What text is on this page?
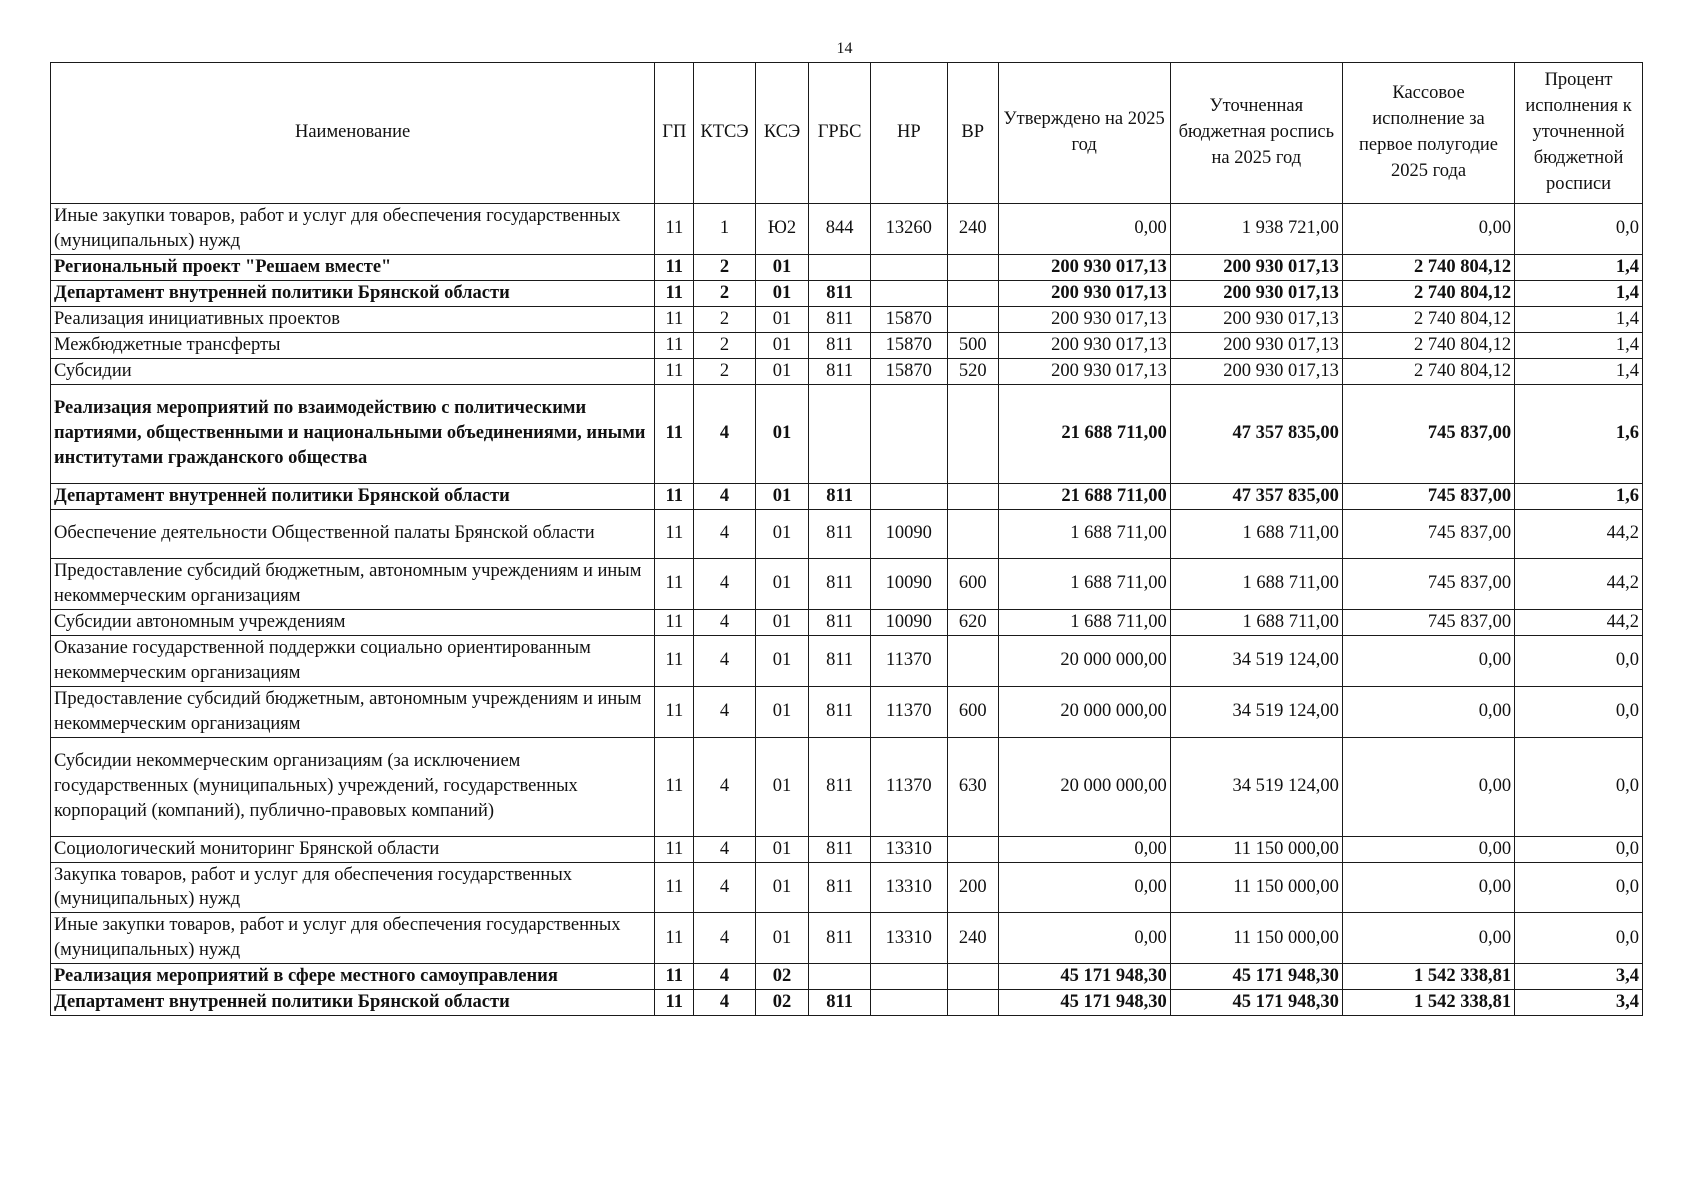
14
Наименование	ГП	КТСЭ	КСЭ	ГРБС	НР	ВР	Утверждено на 2025 год	Уточненная бюджетная роспись на 2025 год	Кассовое исполнение за первое полугодие 2025 года	Процент исполнения к уточненной бюджетной росписи
Иные закупки товаров, работ и услуг для обеспечения государственных (муниципальных) нужд	11	1	Ю2	844	13260	240	0,00	1 938 721,00	0,00	0,0
Региональный проект "Решаем вместе"	11	2	01				200 930 017,13	200 930 017,13	2 740 804,12	1,4
Департамент внутренней политики Брянской области	11	2	01	811			200 930 017,13	200 930 017,13	2 740 804,12	1,4
Реализация инициативных проектов	11	2	01	811	15870		200 930 017,13	200 930 017,13	2 740 804,12	1,4
Межбюджетные трансферты	11	2	01	811	15870	500	200 930 017,13	200 930 017,13	2 740 804,12	1,4
Субсидии	11	2	01	811	15870	520	200 930 017,13	200 930 017,13	2 740 804,12	1,4
Реализация мероприятий по взаимодействию с политическими партиями, общественными и национальными объединениями, иными институтами гражданского общества	11	4	01				21 688 711,00	47 357 835,00	745 837,00	1,6
Департамент внутренней политики Брянской области	11	4	01	811			21 688 711,00	47 357 835,00	745 837,00	1,6
Обеспечение деятельности Общественной палаты Брянской области	11	4	01	811	10090		1 688 711,00	1 688 711,00	745 837,00	44,2
Предоставление субсидий бюджетным, автономным учреждениям и иным некоммерческим организациям	11	4	01	811	10090	600	1 688 711,00	1 688 711,00	745 837,00	44,2
Субсидии автономным учреждениям	11	4	01	811	10090	620	1 688 711,00	1 688 711,00	745 837,00	44,2
Оказание государственной поддержки социально ориентированным некоммерческим организациям	11	4	01	811	11370		20 000 000,00	34 519 124,00	0,00	0,0
Предоставление субсидий бюджетным, автономным учреждениям и иным некоммерческим организациям	11	4	01	811	11370	600	20 000 000,00	34 519 124,00	0,00	0,0
Субсидии некоммерческим организациям (за исключением государственных (муниципальных) учреждений, государственных корпораций (компаний), публично-правовых компаний)	11	4	01	811	11370	630	20 000 000,00	34 519 124,00	0,00	0,0
Социологический мониторинг Брянской области	11	4	01	811	13310		0,00	11 150 000,00	0,00	0,0
Закупка товаров, работ и услуг для обеспечения государственных (муниципальных) нужд	11	4	01	811	13310	200	0,00	11 150 000,00	0,00	0,0
Иные закупки товаров, работ и услуг для обеспечения государственных (муниципальных) нужд	11	4	01	811	13310	240	0,00	11 150 000,00	0,00	0,0
Реализация мероприятий в сфере местного самоуправления	11	4	02				45 171 948,30	45 171 948,30	1 542 338,81	3,4
Департамент внутренней политики Брянской области	11	4	02	811			45 171 948,30	45 171 948,30	1 542 338,81	3,4
